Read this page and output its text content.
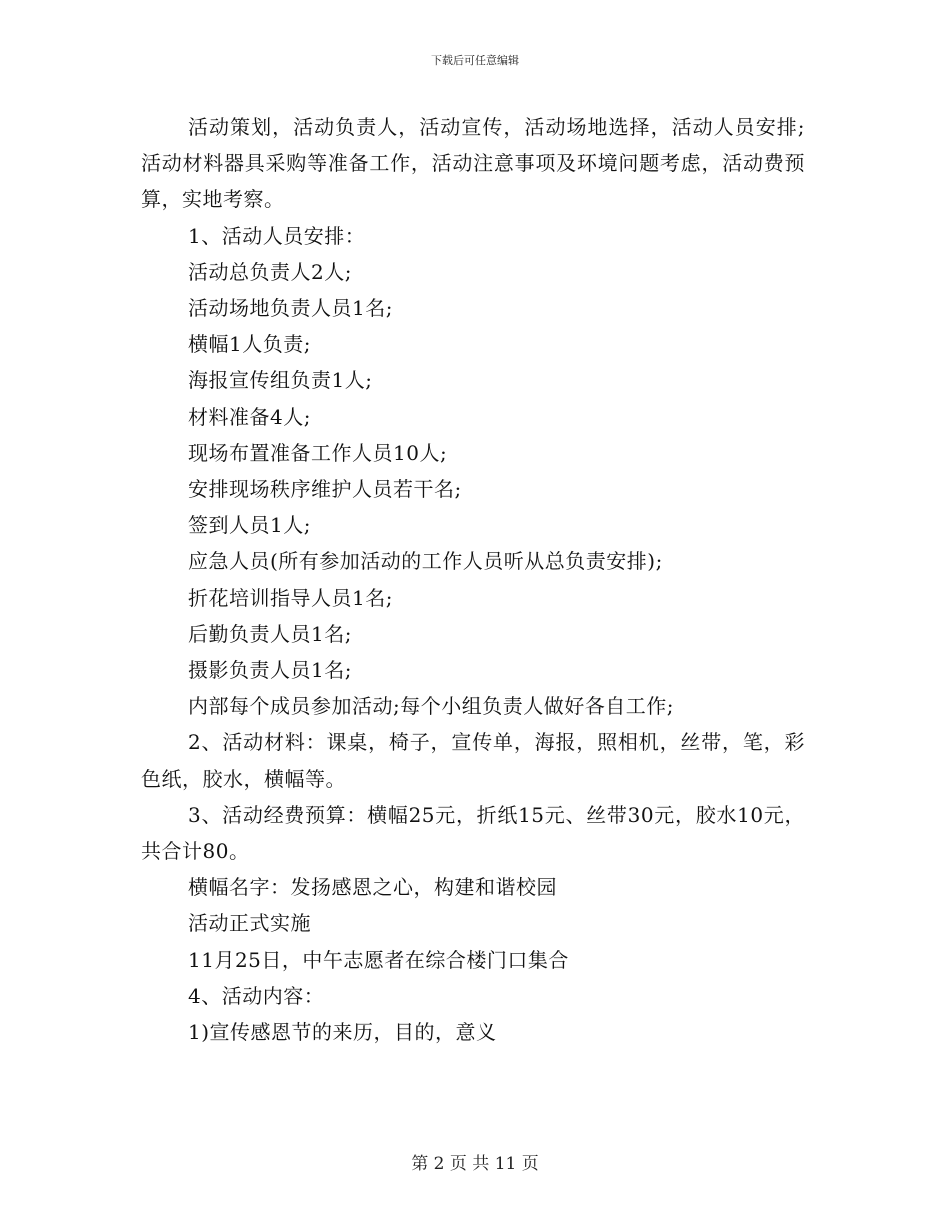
下载后可任意编辑

活动策划，活动负责人，活动宣传，活动场地选择，活动人员安排;活动材料器具采购等准备工作，活动注意事项及环境问题考虑，活动费预算，实地考察。

1、活动人员安排：

活动总负责人2人;

活动场地负责人员1名;

横幅1人负责;

海报宣传组负责1人;

材料准备4人;

现场布置准备工作人员10人;

安排现场秩序维护人员若干名;

签到人员1人;

应急人员(所有参加活动的工作人员听从总负责安排);

折花培训指导人员1名;

后勤负责人员1名;

摄影负责人员1名;

内部每个成员参加活动;每个小组负责人做好各自工作;

2、活动材料：课桌，椅子，宣传单，海报，照相机，丝带，笔，彩色纸，胶水，横幅等。

3、活动经费预算：横幅25元，折纸15元、丝带30元，胶水10元，共合计80。

横幅名字：发扬感恩之心，构建和谐校园

活动正式实施

11月25日，中午志愿者在综合楼门口集合

4、活动内容：

1)宣传感恩节的来历，目的，意义

第 2 页 共 11 页
